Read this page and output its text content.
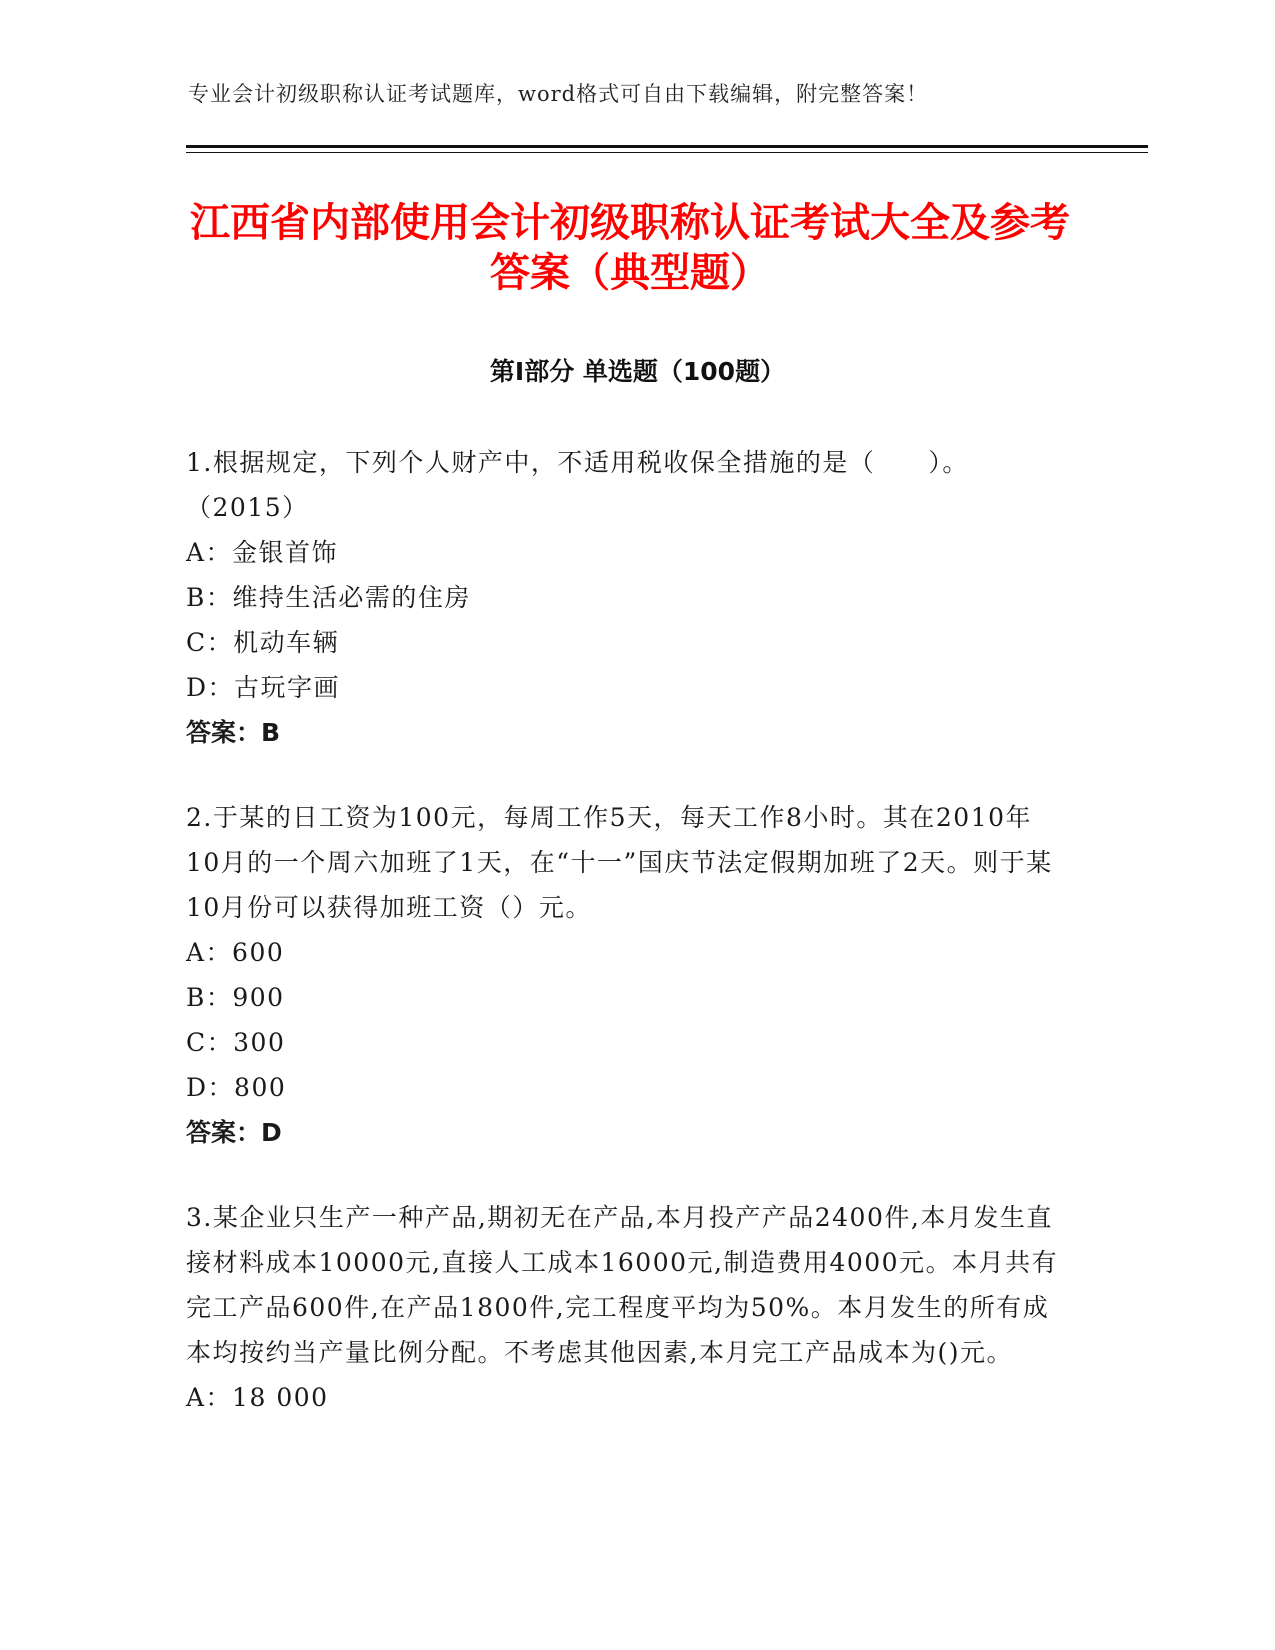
专业会计初级职称认证考试题库，word格式可自由下载编辑，附完整答案！
江西省内部使用会计初级职称认证考试大全及参考答案（典型题）
第Ⅰ部分 单选题（100题）

1.根据规定，下列个人财产中，不适用税收保全措施的是（　　）。（2015）

A：金银首饰

B：维持生活必需的住房

C：机动车辆

D：古玩字画

答案：B

2.于某的日工资为100元，每周工作5天，每天工作8小时。其在2010年10月的一个周六加班了1天，在“十一”国庆节法定假期加班了2天。则于某10月份可以获得加班工资（）元。

A：600

B：900

C：300

D：800

答案：D

3.某企业只生产一种产品,期初无在产品,本月投产产品2400件,本月发生直接材料成本10000元,直接人工成本16000元,制造费用4000元。本月共有完工产品600件,在产品1800件,完工程度平均为50%。本月发生的所有成本均按约当产量比例分配。不考虑其他因素,本月完工产品成本为()元。

A：18 000
